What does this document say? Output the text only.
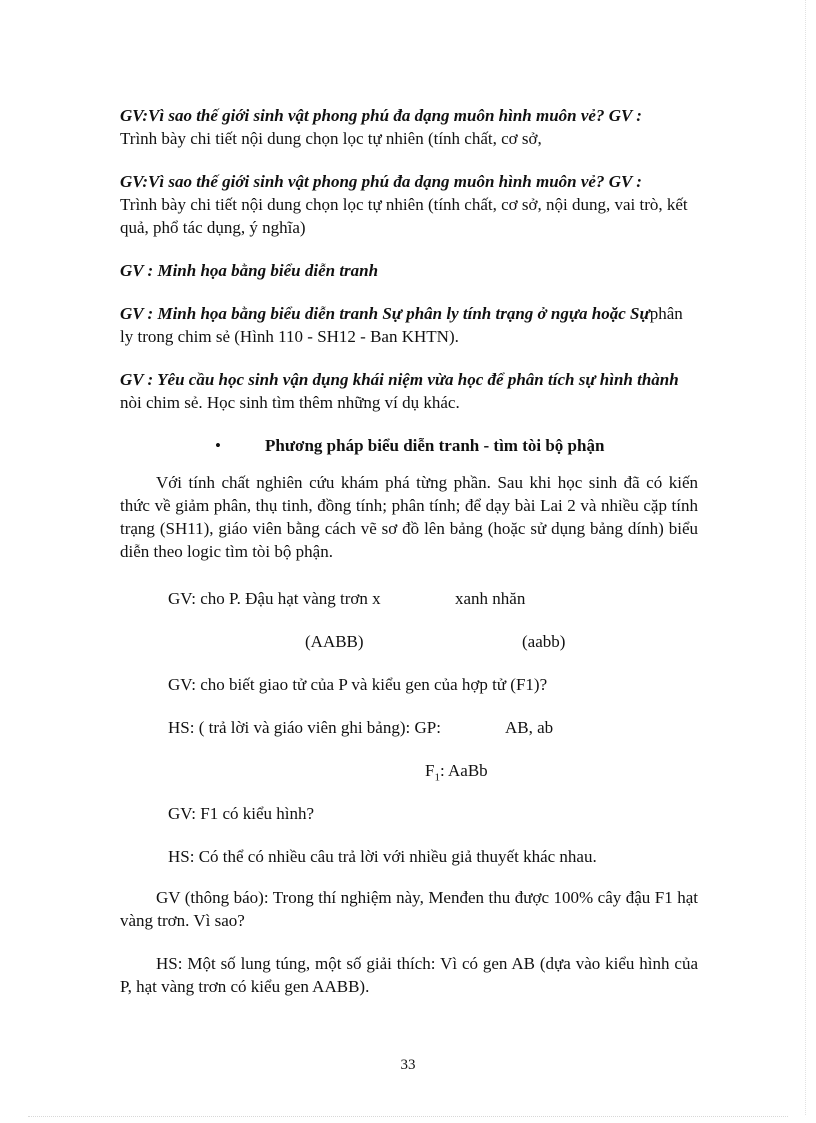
GV:Vì sao thế giới sinh vật phong phú đa dạng muôn hình muôn vẻ? GV :
Trình bày chi tiết nội dung chọn lọc tự nhiên (tính chất, cơ sở,

GV:Vì sao thế giới sinh vật phong phú đa dạng muôn hình muôn vẻ? GV :
Trình bày chi tiết nội dung chọn lọc tự nhiên (tính chất, cơ sở, nội dung, vai trò, kết quả, phổ tác dụng, ý nghĩa)

GV : Minh họa bằng biểu diễn tranh

GV : Minh họa bằng biểu diễn tranh Sự phân ly tính trạng ở ngựa hoặc Sựphân ly trong chim sẻ (Hình 110 - SH12 - Ban KHTN).

GV : Yêu cầu học sinh vận dụng khái niệm vừa học để phân tích sự hình thành nòi chim sẻ. Học sinh tìm thêm những ví dụ khác.

•	Phương pháp biểu diễn tranh - tìm tòi bộ phận

Với tính chất nghiên cứu khám phá từng phần. Sau khi học sinh đã có kiến thức về giảm phân, thụ tinh, đồng tính; phân tính; để dạy bài Lai 2 và nhiều cặp tính trạng (SH11), giáo viên bằng cách vẽ sơ đồ lên bảng (hoặc sử dụng bảng dính) biểu diễn theo logic tìm tòi bộ phận.

GV: cho P. Đậu hạt vàng trơn x	xanh nhăn
(AABB)	(aabb)
GV: cho biết giao tử của P và kiểu gen của hợp tử (F1)?
HS: ( trả lời và giáo viên ghi bảng): GP:	AB, ab
$F_1$: AaBb
GV: F1 có kiểu hình?
HS: Có thể có nhiều câu trả lời với nhiều giả thuyết khác nhau.

GV (thông báo): Trong thí nghiệm này, Menđen thu được 100% cây đậu F1 hạt vàng trơn. Vì sao?

HS: Một số lung túng, một số giải thích: Vì có gen AB (dựa vào kiểu hình của P, hạt vàng trơn có kiểu gen AABB).

33
